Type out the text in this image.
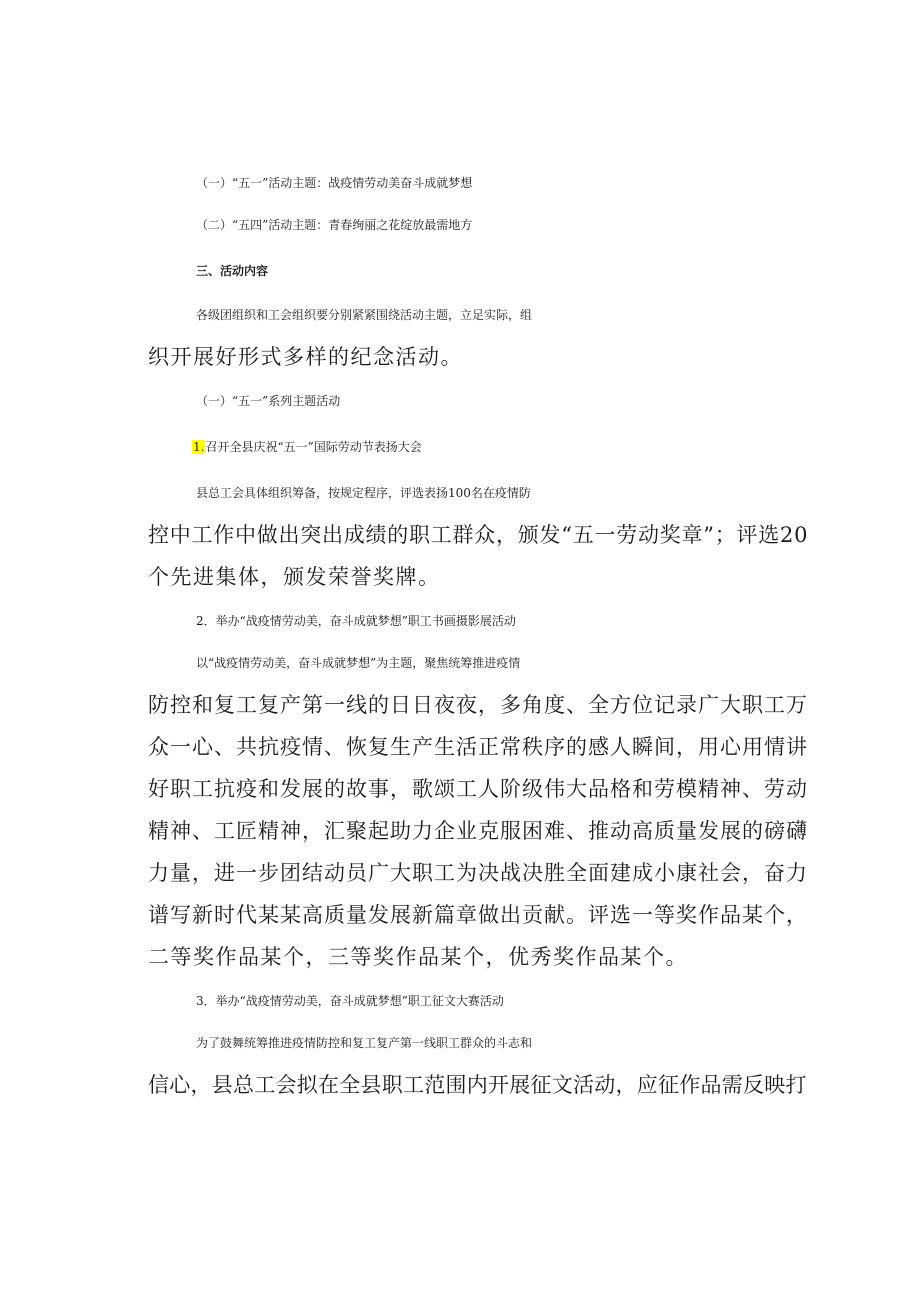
（一）“五一”活动主题：战疫情劳动美奋斗成就梦想
（二）“五四”活动主题：青春绚丽之花绽放最需地方
三、活动内容
各级团组织和工会组织要分别紧紧围绕活动主题，立足实际，组
织开展好形式多样的纪念活动。
（一）“五一”系列主题活动
1.召开全县庆祝“五一”国际劳动节表扬大会
县总工会具体组织筹备，按规定程序，评选表扬100名在疫情防
控中工作中做出突出成绩的职工群众，颁发“五一劳动奖章”；评选20
个先进集体，颁发荣誉奖牌。
2．举办“战疫情劳动美，奋斗成就梦想”职工书画摄影展活动
以“战疫情劳动美，奋斗成就梦想”为主题，聚焦统筹推进疫情
防控和复工复产第一线的日日夜夜，多角度、全方位记录广大职工万
众一心、共抗疫情、恢复生产生活正常秩序的感人瞬间，用心用情讲
好职工抗疫和发展的故事，歌颂工人阶级伟大品格和劳模精神、劳动
精神、工匠精神，汇聚起助力企业克服困难、推动高质量发展的磅礴
力量，进一步团结动员广大职工为决战决胜全面建成小康社会，奋力
谱写新时代某某高质量发展新篇章做出贡献。评选一等奖作品某个，
二等奖作品某个，三等奖作品某个，优秀奖作品某个。
3．举办“战疫情劳动美，奋斗成就梦想”职工征文大赛活动
为了鼓舞统筹推进疫情防控和复工复产第一线职工群众的斗志和
信心，县总工会拟在全县职工范围内开展征文活动，应征作品需反映打
